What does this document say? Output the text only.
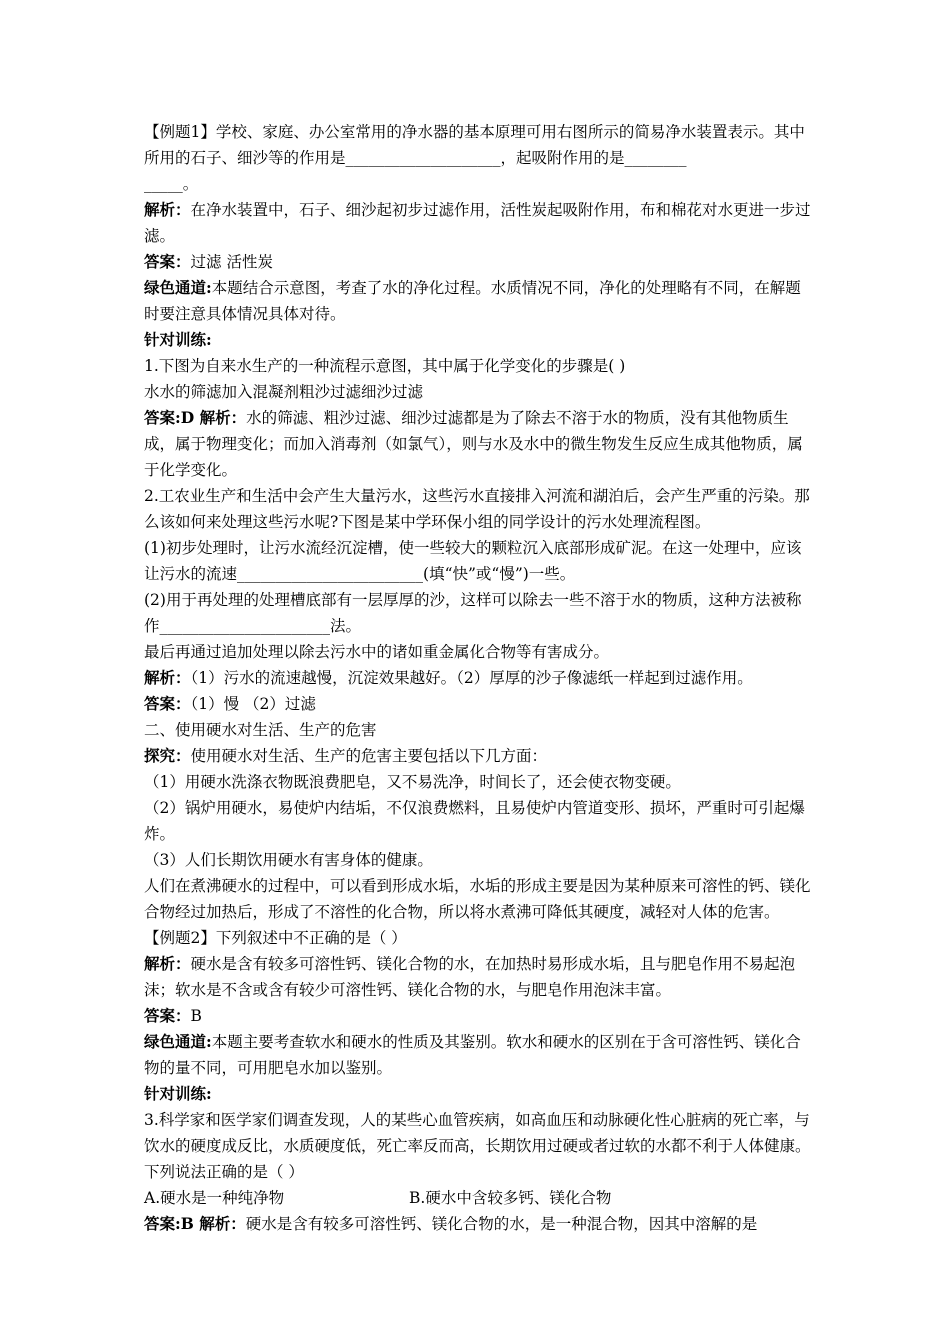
【例题1】学校、家庭、办公室常用的净水器的基本原理可用右图所示的简易净水装置表示。其中所用的石子、细沙等的作用是____________________，起吸附作用的是________
_____。

解析：在净水装置中，石子、细沙起初步过滤作用，活性炭起吸附作用，布和棉花对水更进一步过滤。

答案：过滤 活性炭

绿色通道:本题结合示意图，考查了水的净化过程。水质情况不同，净化的处理略有不同，在解题时要注意具体情况具体对待。

针对训练:

1.下图为自来水生产的一种流程示意图，其中属于化学变化的步骤是( )

水水的筛滤加入混凝剂粗沙过滤细沙过滤

答案:D 解析：水的筛滤、粗沙过滤、细沙过滤都是为了除去不溶于水的物质，没有其他物质生成，属于物理变化；而加入消毒剂（如氯气），则与水及水中的微生物发生反应生成其他物质，属于化学变化。

2.工农业生产和生活中会产生大量污水，这些污水直接排入河流和湖泊后，会产生严重的污染。那么该如何来处理这些污水呢?下图是某中学环保小组的同学设计的污水处理流程图。

(1)初步处理时，让污水流经沉淀槽，使一些较大的颗粒沉入底部形成矿泥。在这一处理中，应该让污水的流速________________________(填“快”或“慢”)一些。

(2)用于再处理的处理槽底部有一层厚厚的沙，这样可以除去一些不溶于水的物质，这种方法被称作______________________法。

最后再通过追加处理以除去污水中的诸如重金属化合物等有害成分。

解析：（1）污水的流速越慢，沉淀效果越好。（2）厚厚的沙子像滤纸一样起到过滤作用。

答案：（1）慢 （2）过滤

二、使用硬水对生活、生产的危害

探究：使用硬水对生活、生产的危害主要包括以下几方面：

（1）用硬水洗涤衣物既浪费肥皂，又不易洗净，时间长了，还会使衣物变硬。

（2）锅炉用硬水，易使炉内结垢，不仅浪费燃料，且易使炉内管道变形、损坏，严重时可引起爆炸。

（3）人们长期饮用硬水有害身体的健康。

人们在煮沸硬水的过程中，可以看到形成水垢，水垢的形成主要是因为某种原来可溶性的钙、镁化合物经过加热后，形成了不溶性的化合物，所以将水煮沸可降低其硬度，减轻对人体的危害。

【例题2】下列叙述中不正确的是（ ）

解析：硬水是含有较多可溶性钙、镁化合物的水，在加热时易形成水垢，且与肥皂作用不易起泡沫；软水是不含或含有较少可溶性钙、镁化合物的水，与肥皂作用泡沫丰富。

答案：B

绿色通道:本题主要考查软水和硬水的性质及其鉴别。软水和硬水的区别在于含可溶性钙、镁化合物的量不同，可用肥皂水加以鉴别。

针对训练:

3.科学家和医学家们调查发现，人的某些心血管疾病，如高血压和动脉硬化性心脏病的死亡率，与饮水的硬度成反比，水质硬度低，死亡率反而高，长期饮用过硬或者过软的水都不利于人体健康。下列说法正确的是（ ）

A.硬水是一种纯净物	B.硬水中含较多钙、镁化合物

答案:B 解析：硬水是含有较多可溶性钙、镁化合物的水，是一种混合物，因其中溶解的是
